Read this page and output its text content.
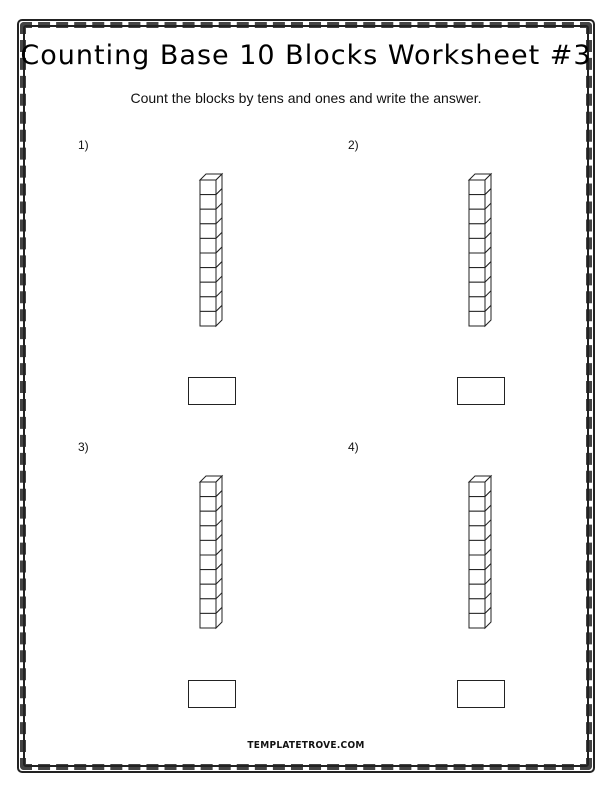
Counting Base 10 Blocks Worksheet #3
Count the blocks by tens and ones and write the answer.
1)	2)
3)	4)
TEMPLATETROVE.COM
